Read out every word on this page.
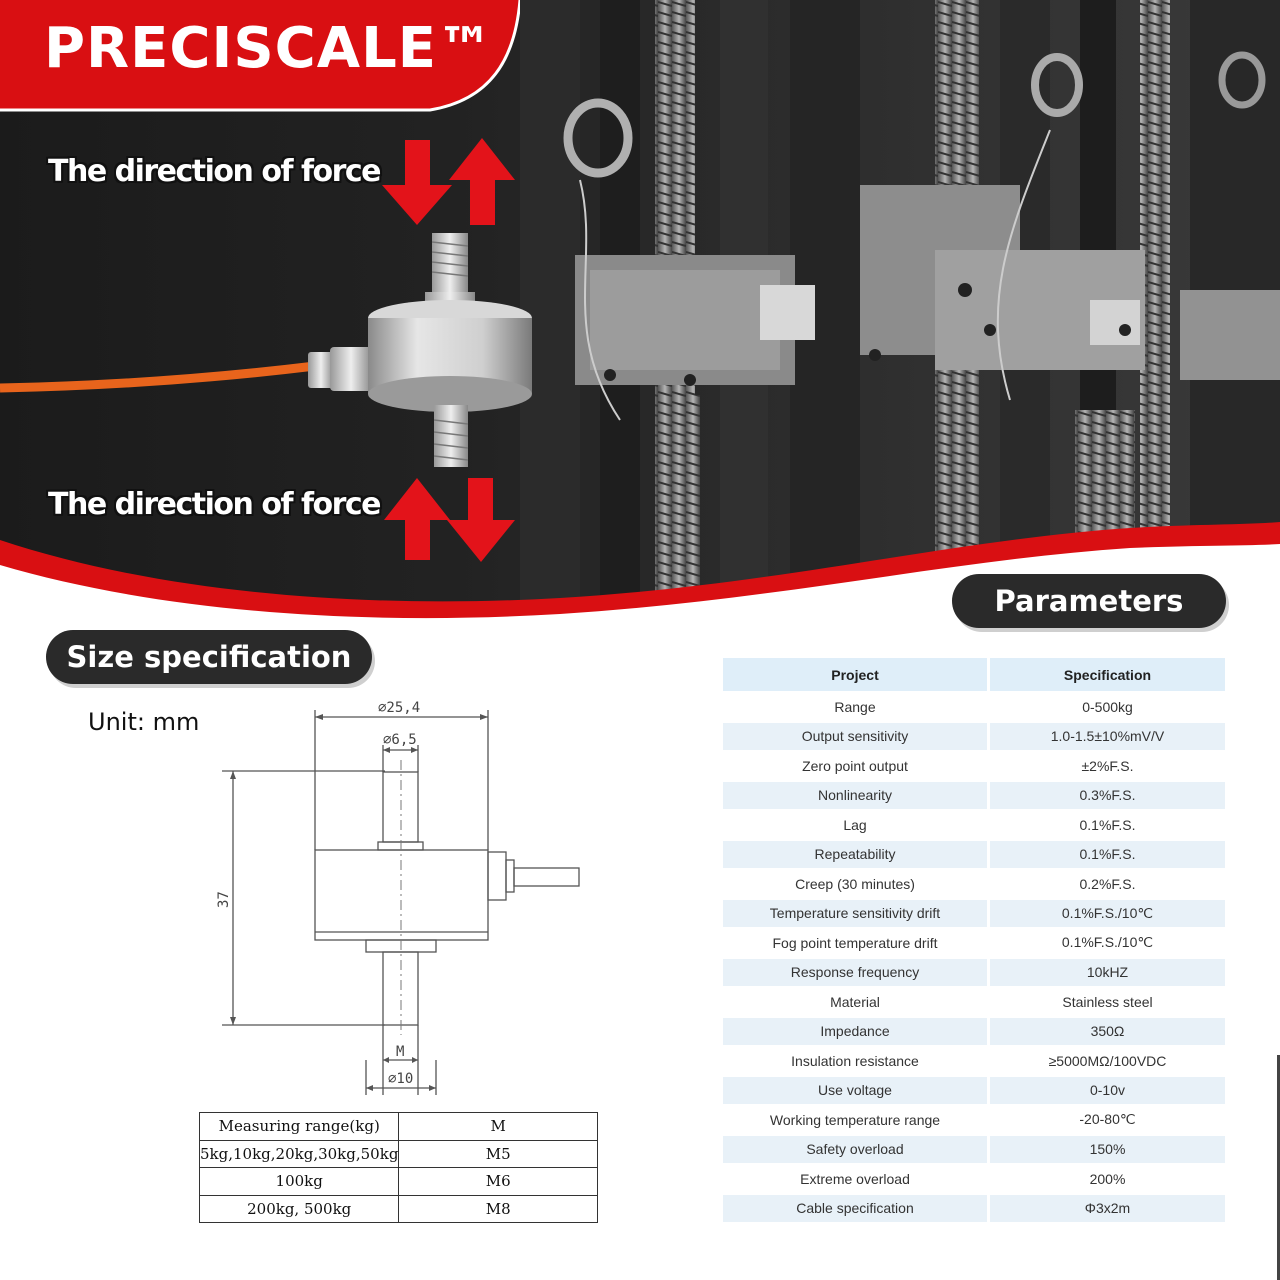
PRECISCALE™
The direction of force
The direction of force
Parameters
Size specification
Unit: mm	⌀25,4
⌀6,5
37
M
⌀10
Measuring range(kg)	M
5kg,10kg,20kg,30kg,50kg	M5
100kg	M6
200kg, 500kg	M8
Project	Specification
Range	0-500kg
Output sensitivity	1.0-1.5±10%mV/V
Zero point output	±2%F.S.
Nonlinearity	0.3%F.S.
Lag	0.1%F.S.
Repeatability	0.1%F.S.
Creep (30 minutes)	0.2%F.S.
Temperature sensitivity drift	0.1%F.S./10℃
Fog point temperature drift	0.1%F.S./10℃
Response frequency	10kHZ
Material	Stainless steel
Impedance	350Ω
Insulation resistance	≥5000MΩ/100VDC
Use voltage	0-10v
Working temperature range	-20-80℃
Safety overload	150%
Extreme overload	200%
Cable specification	Φ3x2m
